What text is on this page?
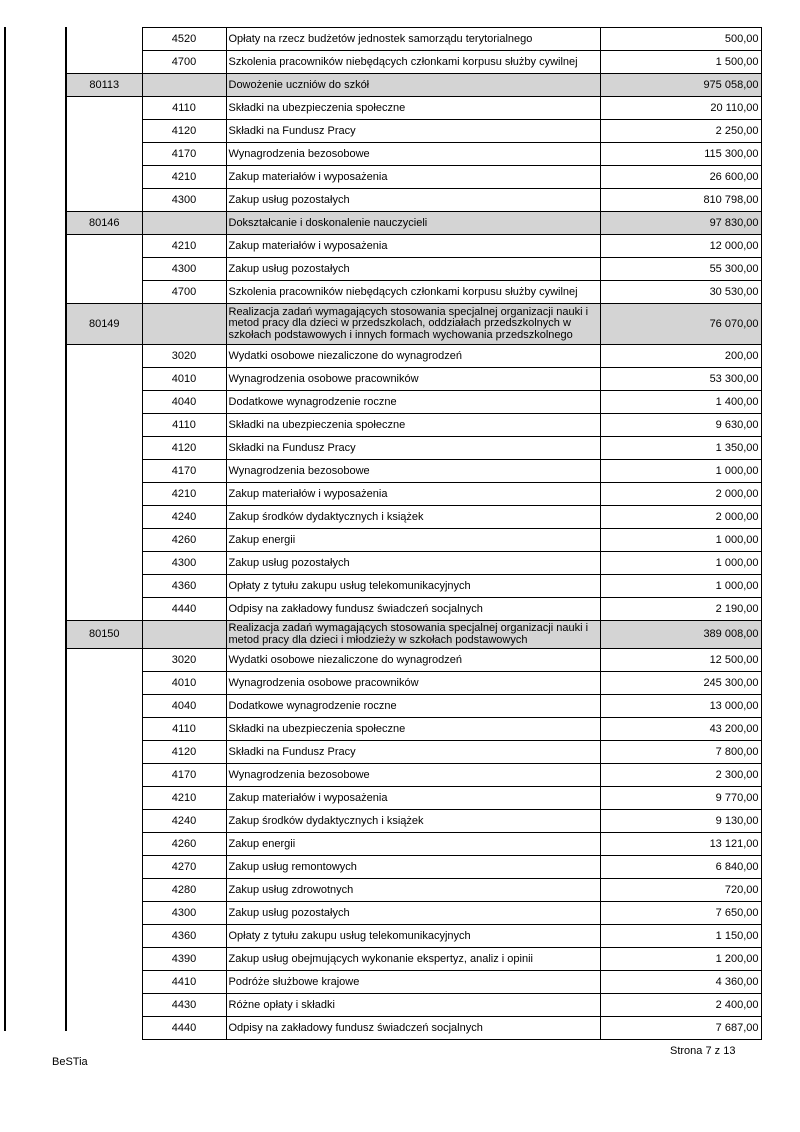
	4520	Opłaty na rzecz budżetów jednostek samorządu terytorialnego	500,00
	4700	Szkolenia pracowników niebędących członkami korpusu służby cywilnej	1 500,00
80113		Dowożenie uczniów do szkół	975 058,00
	4110	Składki na ubezpieczenia społeczne	20 110,00
	4120	Składki na Fundusz Pracy	2 250,00
	4170	Wynagrodzenia bezosobowe	115 300,00
	4210	Zakup materiałów i wyposażenia	26 600,00
	4300	Zakup usług pozostałych	810 798,00
80146		Dokształcanie i doskonalenie nauczycieli	97 830,00
	4210	Zakup materiałów i wyposażenia	12 000,00
	4300	Zakup usług pozostałych	55 300,00
	4700	Szkolenia pracowników niebędących członkami korpusu służby cywilnej	30 530,00
80149		Realizacja zadań wymagających stosowania specjalnej organizacji nauki i metod pracy dla dzieci w przedszkolach, oddziałach przedszkolnych w szkołach podstawowych i innych formach wychowania przedszkolnego	76 070,00
	3020	Wydatki osobowe niezaliczone do wynagrodzeń	200,00
	4010	Wynagrodzenia osobowe pracowników	53 300,00
	4040	Dodatkowe wynagrodzenie roczne	1 400,00
	4110	Składki na ubezpieczenia społeczne	9 630,00
	4120	Składki na Fundusz Pracy	1 350,00
	4170	Wynagrodzenia bezosobowe	1 000,00
	4210	Zakup materiałów i wyposażenia	2 000,00
	4240	Zakup środków dydaktycznych i książek	2 000,00
	4260	Zakup energii	1 000,00
	4300	Zakup usług pozostałych	1 000,00
	4360	Opłaty z tytułu zakupu usług telekomunikacyjnych	1 000,00
	4440	Odpisy na zakładowy fundusz świadczeń socjalnych	2 190,00
80150		Realizacja zadań wymagających stosowania specjalnej organizacji nauki i metod pracy dla dzieci i młodzieży w szkołach podstawowych	389 008,00
	3020	Wydatki osobowe niezaliczone do wynagrodzeń	12 500,00
	4010	Wynagrodzenia osobowe pracowników	245 300,00
	4040	Dodatkowe wynagrodzenie roczne	13 000,00
	4110	Składki na ubezpieczenia społeczne	43 200,00
	4120	Składki na Fundusz Pracy	7 800,00
	4170	Wynagrodzenia bezosobowe	2 300,00
	4210	Zakup materiałów i wyposażenia	9 770,00
	4240	Zakup środków dydaktycznych i książek	9 130,00
	4260	Zakup energii	13 121,00
	4270	Zakup usług remontowych	6 840,00
	4280	Zakup usług zdrowotnych	720,00
	4300	Zakup usług pozostałych	7 650,00
	4360	Opłaty z tytułu zakupu usług telekomunikacyjnych	1 150,00
	4390	Zakup usług obejmujących wykonanie ekspertyz, analiz i opinii	1 200,00
	4410	Podróże służbowe krajowe	4 360,00
	4430	Różne opłaty i składki	2 400,00
	4440	Odpisy na zakładowy fundusz świadczeń socjalnych	7 687,00
BeSTia
Strona 7 z 13
